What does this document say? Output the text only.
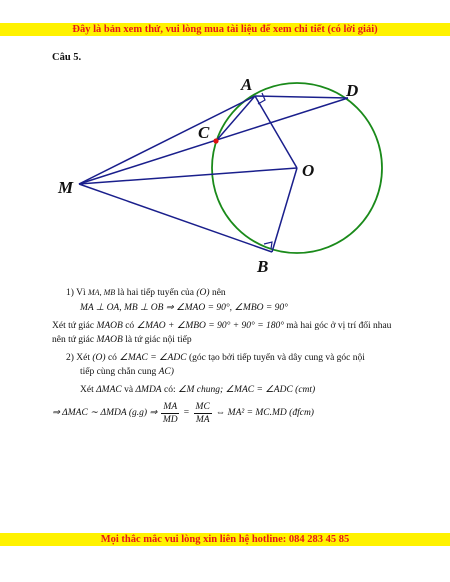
Đây là bản xem thử, vui lòng mua tài liệu để xem chi tiết (có lời giải)
Câu 5.
A	D
C
O
M
B
1) Vì MA, MB là hai tiếp tuyến của (O) nên
MA ⊥ OA, MB ⊥ OB ⇒ ∠MAO = 90°, ∠MBO = 90°
Xét tứ giác MAOB có ∠MAO + ∠MBO = 90° + 90° = 180° mà hai góc ở vị trí đối nhau
nên tứ giác MAOB là tứ giác nội tiếp
2) Xét (O) có ∠MAC = ∠ADC (góc tạo bởi tiếp tuyến và dây cung và góc nội
tiếp cùng chắn cung AC)
Xét ΔMAC và ΔMDA có: ∠M chung; ∠MAC = ∠ADC (cmt)
⇒ ΔMAC ∼ ΔMDA (g.g) ⇒ $\frac{MA}{MD} = \frac{MC}{MA}$ ⇔ MA² = MC.MD (đfcm)
Mọi thắc mắc vui lòng xin liên hệ hotline: 084 283 45 85
